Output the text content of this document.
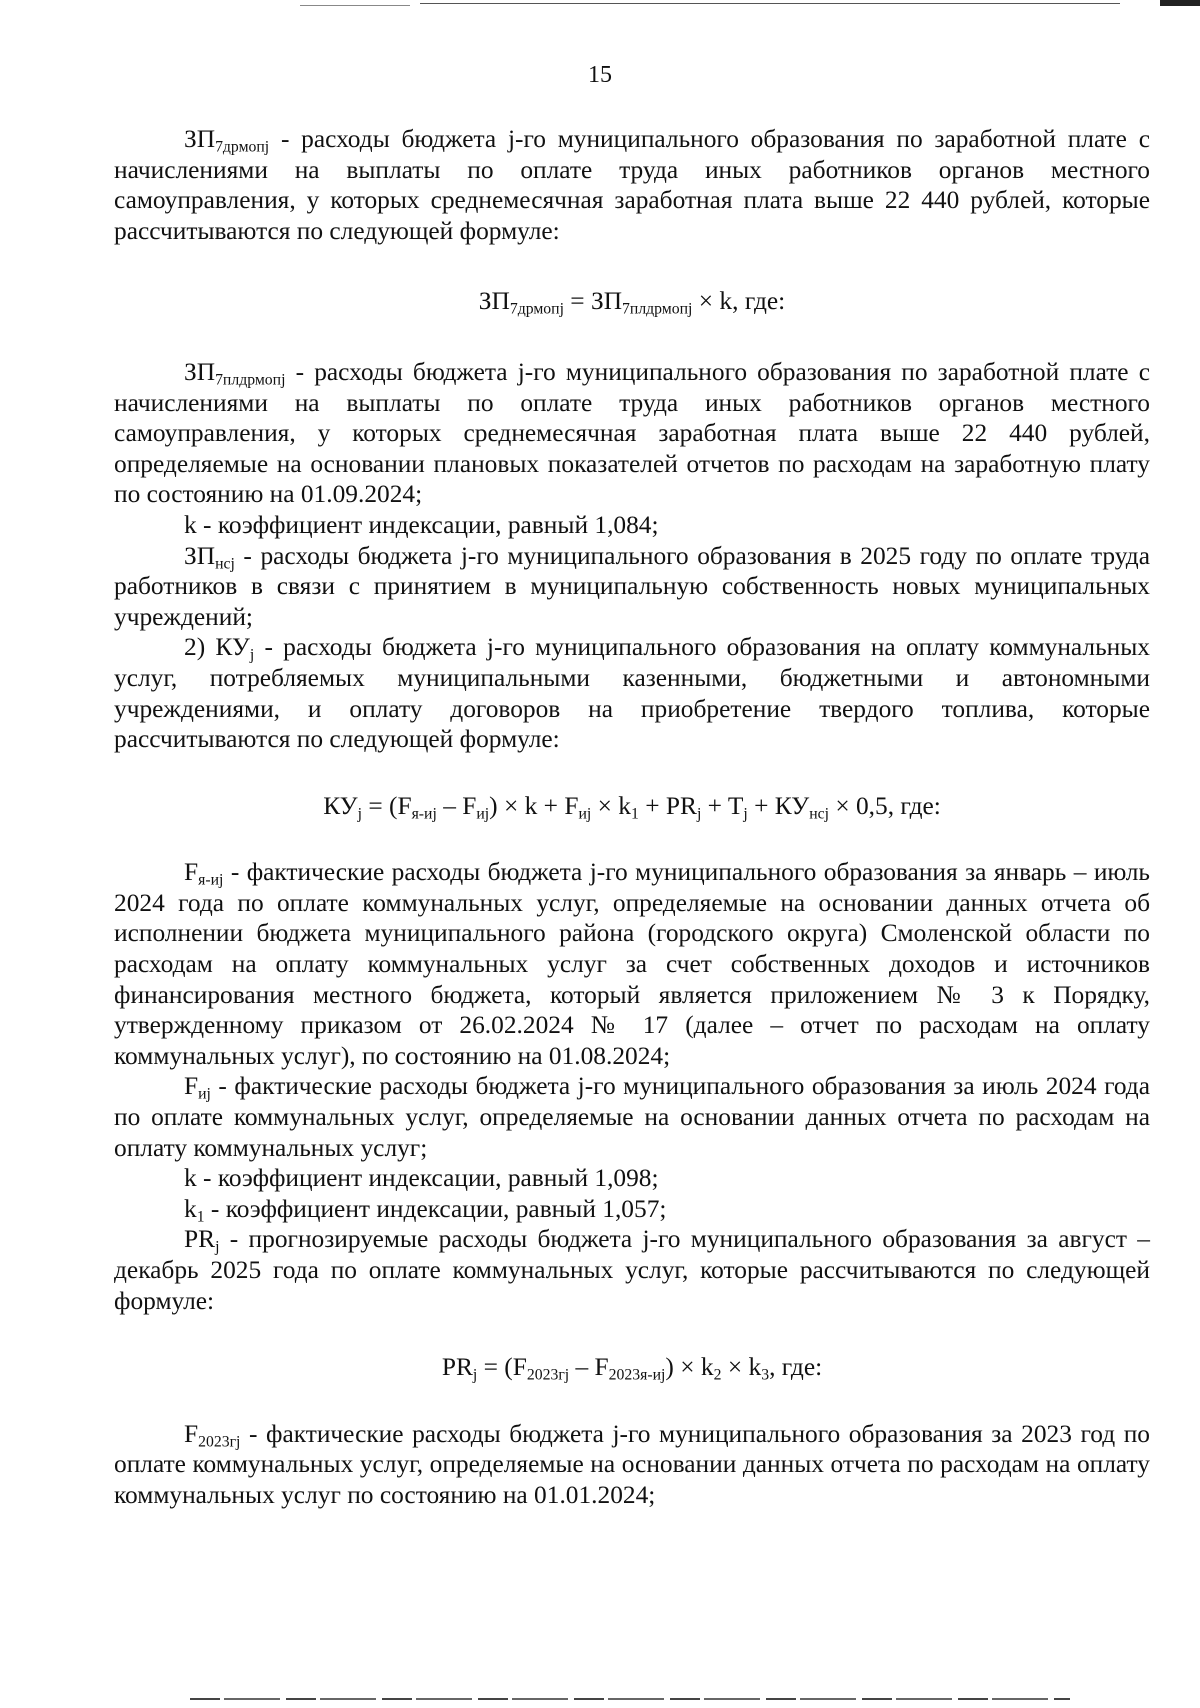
15

$ЗП_{7дрмопj}$ - расходы бюджета j-го муниципального образования по заработной плате с начислениями на выплаты по оплате труда иных работников органов местного самоуправления, у которых среднемесячная заработная плата выше 22 440 рублей, которые рассчитываются по следующей формуле:

$ЗП_{7дрмопj} = ЗП_{7плдрмопj} \times k$, где:

$ЗП_{7плдрмопj}$ - расходы бюджета j-го муниципального образования по заработной плате с начислениями на выплаты по оплате труда иных работников органов местного самоуправления, у которых среднемесячная заработная плата выше 22 440 рублей, определяемые на основании плановых показателей отчетов по расходам на заработную плату по состоянию на 01.09.2024;

k - коэффициент индексации, равный 1,084;

$ЗП_{нсj}$ - расходы бюджета j-го муниципального образования в 2025 году по оплате труда работников в связи с принятием в муниципальную собственность новых муниципальных учреждений;

2) $КУ_j$ - расходы бюджета j-го муниципального образования на оплату коммунальных услуг, потребляемых муниципальными казенными, бюджетными и автономными учреждениями, и оплату договоров на приобретение твердого топлива, которые рассчитываются по следующей формуле:

$КУ_j = (F_{я-иj} - F_{иj}) \times k + F_{иj} \times k_1 + PR_j + T_j + КУ_{нсj} \times 0,5$, где:

$F_{я-иj}$ - фактические расходы бюджета j-го муниципального образования за январь – июль 2024 года по оплате коммунальных услуг, определяемые на основании данных отчета об исполнении бюджета муниципального района (городского округа) Смоленской области по расходам на оплату коммунальных услуг за счет собственных доходов и источников финансирования местного бюджета, который является приложением № 3 к Порядку, утвержденному приказом от 26.02.2024 № 17 (далее – отчет по расходам на оплату коммунальных услуг), по состоянию на 01.08.2024;

$F_{иj}$ - фактические расходы бюджета j-го муниципального образования за июль 2024 года по оплате коммунальных услуг, определяемые на основании данных отчета по расходам на оплату коммунальных услуг;

k - коэффициент индексации, равный 1,098;

$k_1$ - коэффициент индексации, равный 1,057;

$PR_j$ - прогнозируемые расходы бюджета j-го муниципального образования за август – декабрь 2025 года по оплате коммунальных услуг, которые рассчитываются по следующей формуле:

$PR_j = (F_{2023гj} - F_{2023я-иj}) \times k_2 \times k_3$, где:

$F_{2023гj}$ - фактические расходы бюджета j-го муниципального образования за 2023 год по оплате коммунальных услуг, определяемые на основании данных отчета по расходам на оплату коммунальных услуг по состоянию на 01.01.2024;
